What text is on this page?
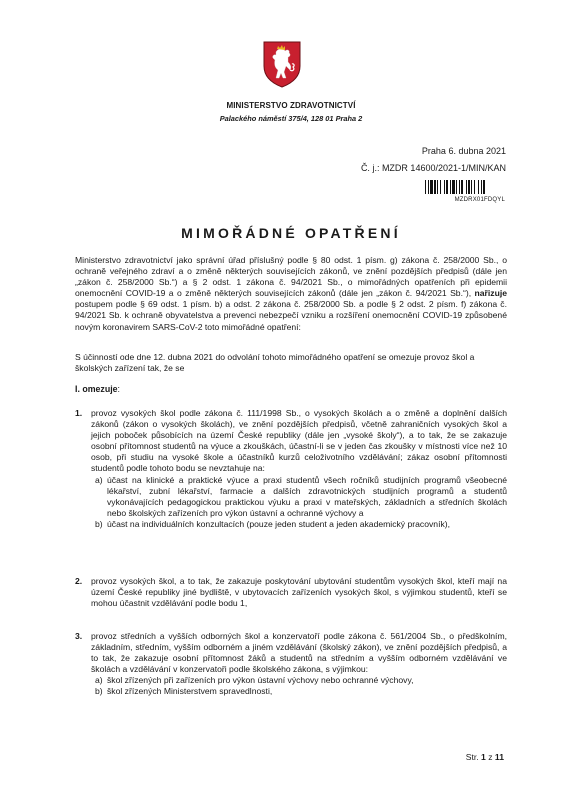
MINISTERSTVO ZDRAVOTNICTVÍ
Palackého náměstí 375/4, 128 01 Praha 2
Praha 6. dubna 2021
Č. j.: MZDR 14600/2021-1/MIN/KAN
MZDRX01FDQYL
MIMOŘÁDNÉ OPATŘENÍ

Ministerstvo zdravotnictví jako správní úřad příslušný podle § 80 odst. 1 písm. g) zákona č. 258/2000 Sb., o ochraně veřejného zdraví a o změně některých souvisejících zákonů, ve znění pozdějších předpisů (dále jen „zákon č. 258/2000 Sb.“) a § 2 odst. 1 zákona č. 94/2021 Sb., o mimořádných opatřeních při epidemii onemocnění COVID-19 a o změně některých souvisejících zákonů (dále jen „zákon č. 94/2021 Sb.“), nařizuje postupem podle § 69 odst. 1 písm. b) a odst. 2 zákona č. 258/2000 Sb. a podle § 2 odst. 2 písm. f) zákona č. 94/2021 Sb. k ochraně obyvatelstva a prevenci nebezpečí vzniku a rozšíření onemocnění COVID-19 způsobené novým koronavirem SARS-CoV-2 toto mimořádné opatření:

S účinností ode dne 12. dubna 2021 do odvolání tohoto mimořádného opatření se omezuje provoz škol a školských zařízení tak, že se

I. omezuje:
1. provoz vysokých škol podle zákona č. 111/1998 Sb., o vysokých školách a o změně a doplnění dalších zákonů (zákon o vysokých školách), ve znění pozdějších předpisů, včetně zahraničních vysokých škol a jejich poboček působících na území České republiky (dále jen „vysoké školy“), a to tak, že se zakazuje osobní přítomnost studentů na výuce a zkouškách, účastní-li se v jeden čas zkoušky v místnosti více než 10 osob, při studiu na vysoké škole a účastníků kurzů celoživotního vzdělávání; zákaz osobní přítomnosti studentů podle tohoto bodu se nevztahuje na:
a) účast na klinické a praktické výuce a praxi studentů všech ročníků studijních programů všeobecné lékařství, zubní lékařství, farmacie a dalších zdravotnických studijních programů a studentů vykonávajících pedagogickou praktickou výuku a praxi v mateřských, základních a středních školách nebo školských zařízeních pro výkon ústavní a ochranné výchovy a
b) účast na individuálních konzultacích (pouze jeden student a jeden akademický pracovník),
2. provoz vysokých škol, a to tak, že zakazuje poskytování ubytování studentům vysokých škol, kteří mají na území České republiky jiné bydliště, v ubytovacích zařízeních vysokých škol, s výjimkou studentů, kteří se mohou účastnit vzdělávání podle bodu 1,
3. provoz středních a vyšších odborných škol a konzervatoří podle zákona č. 561/2004 Sb., o předškolním, základním, středním, vyšším odborném a jiném vzdělávání (školský zákon), ve znění pozdějších předpisů, a to tak, že zakazuje osobní přítomnost žáků a studentů na středním a vyšším odborném vzdělávání ve školách a vzdělávání v konzervatoři podle školského zákona, s výjimkou:
a) škol zřízených při zařízeních pro výkon ústavní výchovy nebo ochranné výchovy,
b) škol zřízených Ministerstvem spravedlnosti,
Str. 1 z 11
